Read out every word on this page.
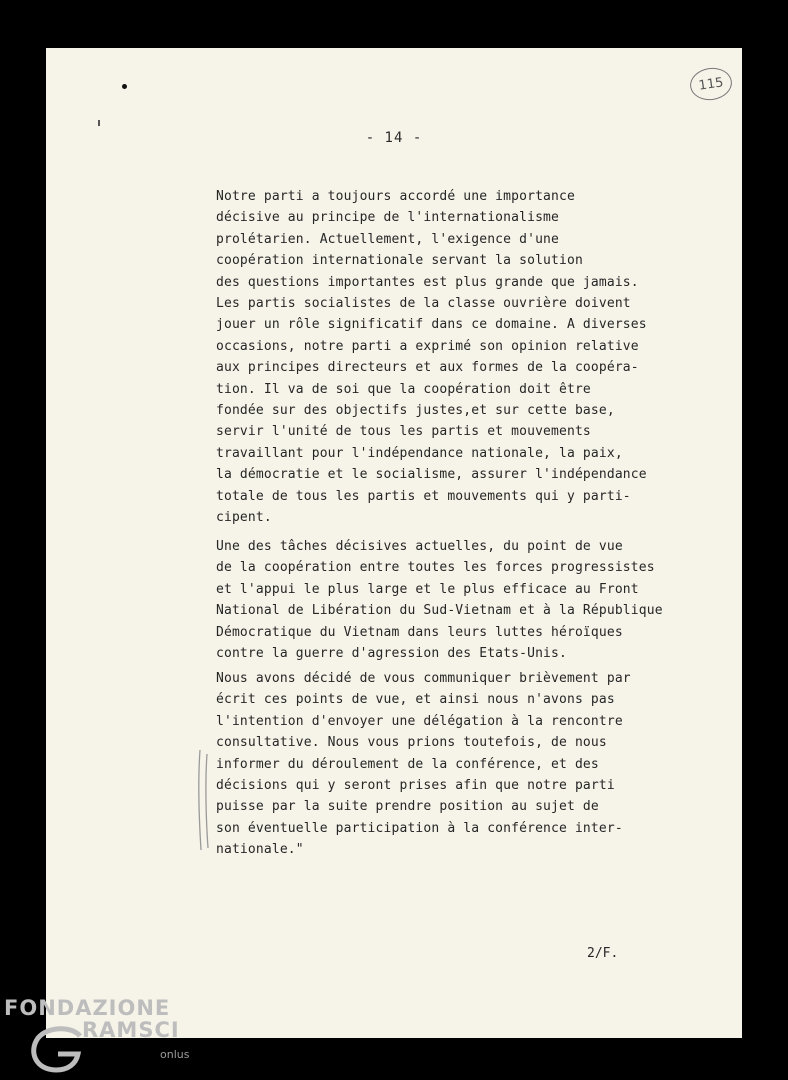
115
- 14 -

Notre parti a toujours accordé une importance
décisive au principe de l'internationalisme
prolétarien. Actuellement, l'exigence d'une
coopération internationale servant la solution
des questions importantes est plus grande que jamais.
Les partis socialistes de la classe ouvrière doivent
jouer un rôle significatif dans ce domaine. A diverses
occasions, notre parti a exprimé son opinion relative
aux principes directeurs et aux formes de la coopéra-
tion. Il va de soi que la coopération doit être
fondée sur des objectifs justes,et sur cette base,
servir l'unité de tous les partis et mouvements
travaillant pour l'indépendance nationale, la paix,
la démocratie et le socialisme, assurer l'indépendance
totale de tous les partis et mouvements qui y parti-
cipent.

Une des tâches décisives actuelles, du point de vue
de la coopération entre toutes les forces progressistes
et l'appui le plus large et le plus efficace au Front
National de Libération du Sud-Vietnam et à la République
Démocratique du Vietnam dans leurs luttes héroïques
contre la guerre d'agression des Etats-Unis.

Nous avons décidé de vous communiquer brièvement par
écrit ces points de vue, et ainsi nous n'avons pas
l'intention d'envoyer une délégation à la rencontre
consultative. Nous vous prions toutefois, de nous
informer du déroulement de la conférence, et des
décisions qui y seront prises afin que notre parti
puisse par la suite prendre position au sujet de
son éventuelle participation à la conférence inter-
nationale."

2/F.
FONDAZIONE
RAMSCI
onlus
